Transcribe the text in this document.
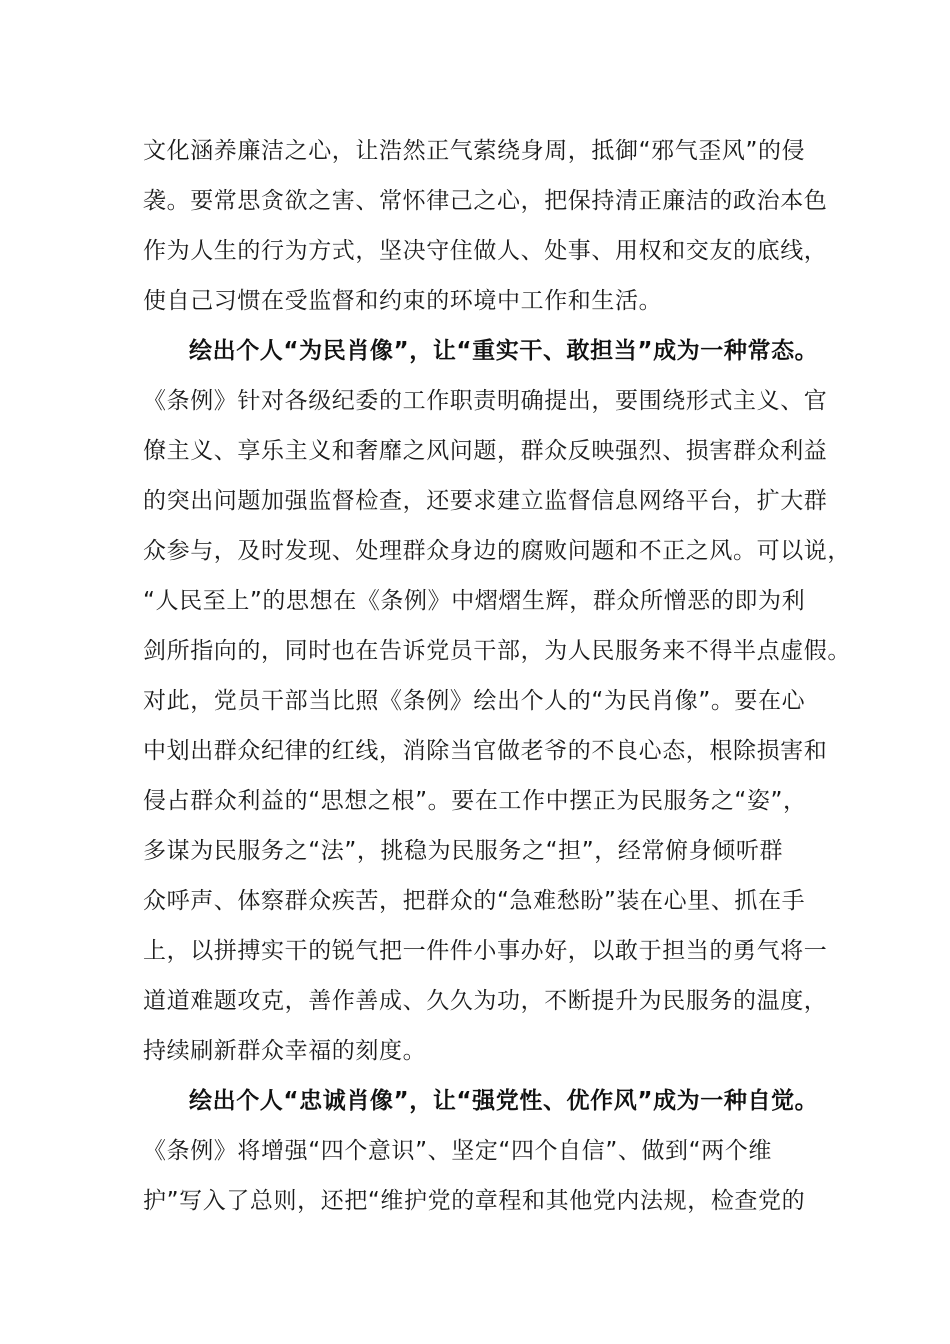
文化涵养廉洁之心，让浩然正气萦绕身周，抵御“邪气歪风”的侵
袭。要常思贪欲之害、常怀律己之心，把保持清正廉洁的政治本色
作为人生的行为方式，坚决守住做人、处事、用权和交友的底线，
使自己习惯在受监督和约束的环境中工作和生活。
绘出个人“为民肖像”，让“重实干、敢担当”成为一种常态。
《条例》针对各级纪委的工作职责明确提出，要围绕形式主义、官
僚主义、享乐主义和奢靡之风问题，群众反映强烈、损害群众利益
的突出问题加强监督检查，还要求建立监督信息网络平台，扩大群
众参与，及时发现、处理群众身边的腐败问题和不正之风。可以说，
“人民至上”的思想在《条例》中熠熠生辉，群众所憎恶的即为利
剑所指向的，同时也在告诉党员干部，为人民服务来不得半点虚假。
对此，党员干部当比照《条例》绘出个人的“为民肖像”。要在心
中划出群众纪律的红线，消除当官做老爷的不良心态，根除损害和
侵占群众利益的“思想之根”。要在工作中摆正为民服务之“姿”，
多谋为民服务之“法”，挑稳为民服务之“担”，经常俯身倾听群
众呼声、体察群众疾苦，把群众的“急难愁盼”装在心里、抓在手
上，以拼搏实干的锐气把一件件小事办好，以敢于担当的勇气将一
道道难题攻克，善作善成、久久为功，不断提升为民服务的温度，
持续刷新群众幸福的刻度。
绘出个人“忠诚肖像”，让“强党性、优作风”成为一种自觉。
《条例》将增强“四个意识”、坚定“四个自信”、做到“两个维
护”写入了总则，还把“维护党的章程和其他党内法规，检查党的
